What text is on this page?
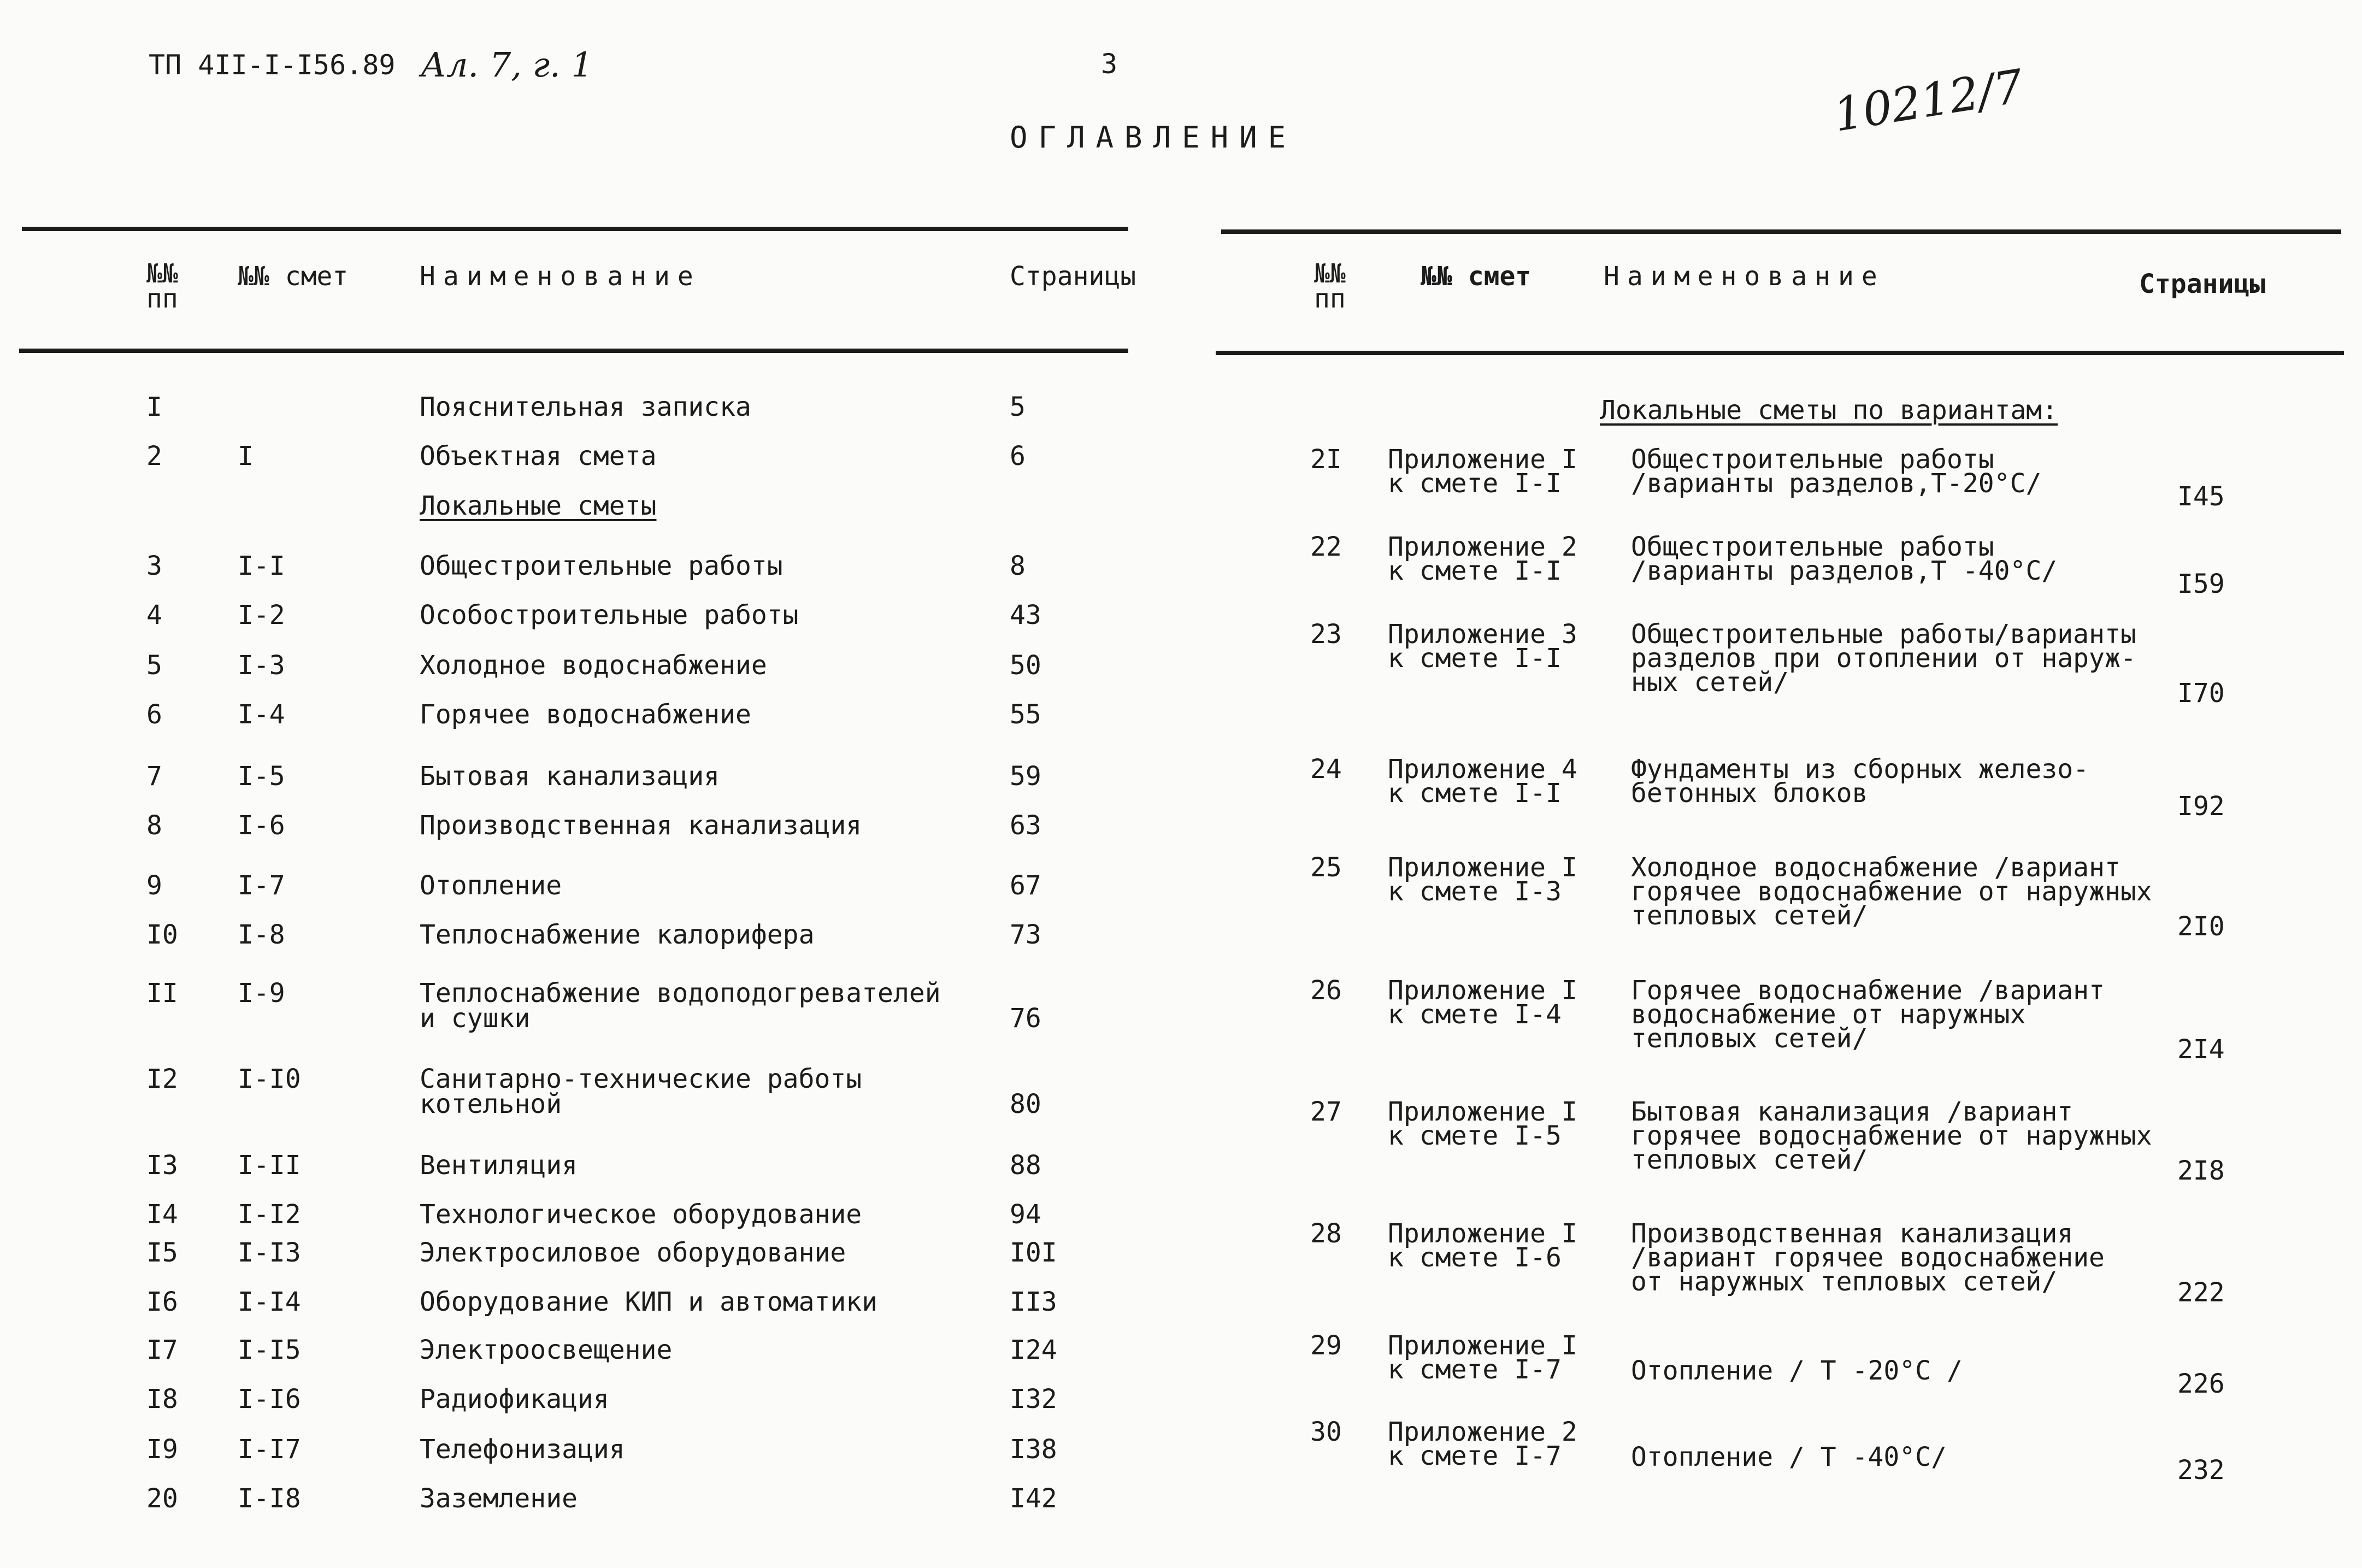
ТП 4II-I-I56.89 Ал. 7, г. 1	3	10212/7
ОГЛАВЛЕНИЕ
№№
пп
№№ смет	Наименование	Страницы	№№
пп
№№ смет	Наименование	Страницы
Локальные сметы по вариантам:
I	Пояснительная записка	5
2	I	Объектная смета	6
Локальные сметы
3	I-I	Общестроительные работы	8
4	I-2	Особостроительные работы	43
5	I-3	Холодное водоснабжение	50
6	I-4	Горячее водоснабжение	55
7	I-5	Бытовая канализация	59
8	I-6	Производственная канализация	63
9	I-7	Отопление	67
I0 I-8	Теплоснабжение калорифера	73
II I-9	Теплоснабжение водоподогревателей
и сушки	76
I2 I-I0	Санитарно-технические работы
котельной	80
I3 I-II	Вентиляция	88
I4 I-I2	Технологическое оборудование	94
I5 I-I3	Электросиловое оборудование	I0I
I6 I-I4	Оборудование КИП и автоматики	II3
I7 I-I5	Электроосвещение	I24
I8 I-I6	Радиофикация	I32
I9 I-I7	Телефонизация	I38
20 I-I8	Заземление	I42
2I Приложение I
к смете I-I
Общестроительные работы
/варианты разделов,Т-20°С/	I45
22 Приложение 2
к смете I-I
Общестроительные работы
/варианты разделов,Т -40°С/	I59
23 Приложение 3
к смете I-I
Общестроительные работы/варианты
разделов при отоплении от наруж-
ных сетей/	I70
24 Приложение 4
к смете I-I
Фундаменты из сборных железо-
бетонных блоков	I92
25 Приложение I
к смете I-3
Холодное водоснабжение /вариант
горячее водоснабжение от наружных
тепловых сетей/	2I0
26 Приложение I
к смете I-4
Горячее водоснабжение /вариант
водоснабжение от наружных
тепловых сетей/	2I4
27 Приложение I
к смете I-5
Бытовая канализация /вариант
горячее водоснабжение от наружных
тепловых сетей/	2I8
28 Приложение I
к смете I-6
Производственная канализация
/вариант горячее водоснабжение
от наружных тепловых сетей/	222
29 Приложение I
к смете I-7	Отопление / Т -20°С /	226
30 Приложение 2
к смете I-7	Отопление / Т -40°С/	232
